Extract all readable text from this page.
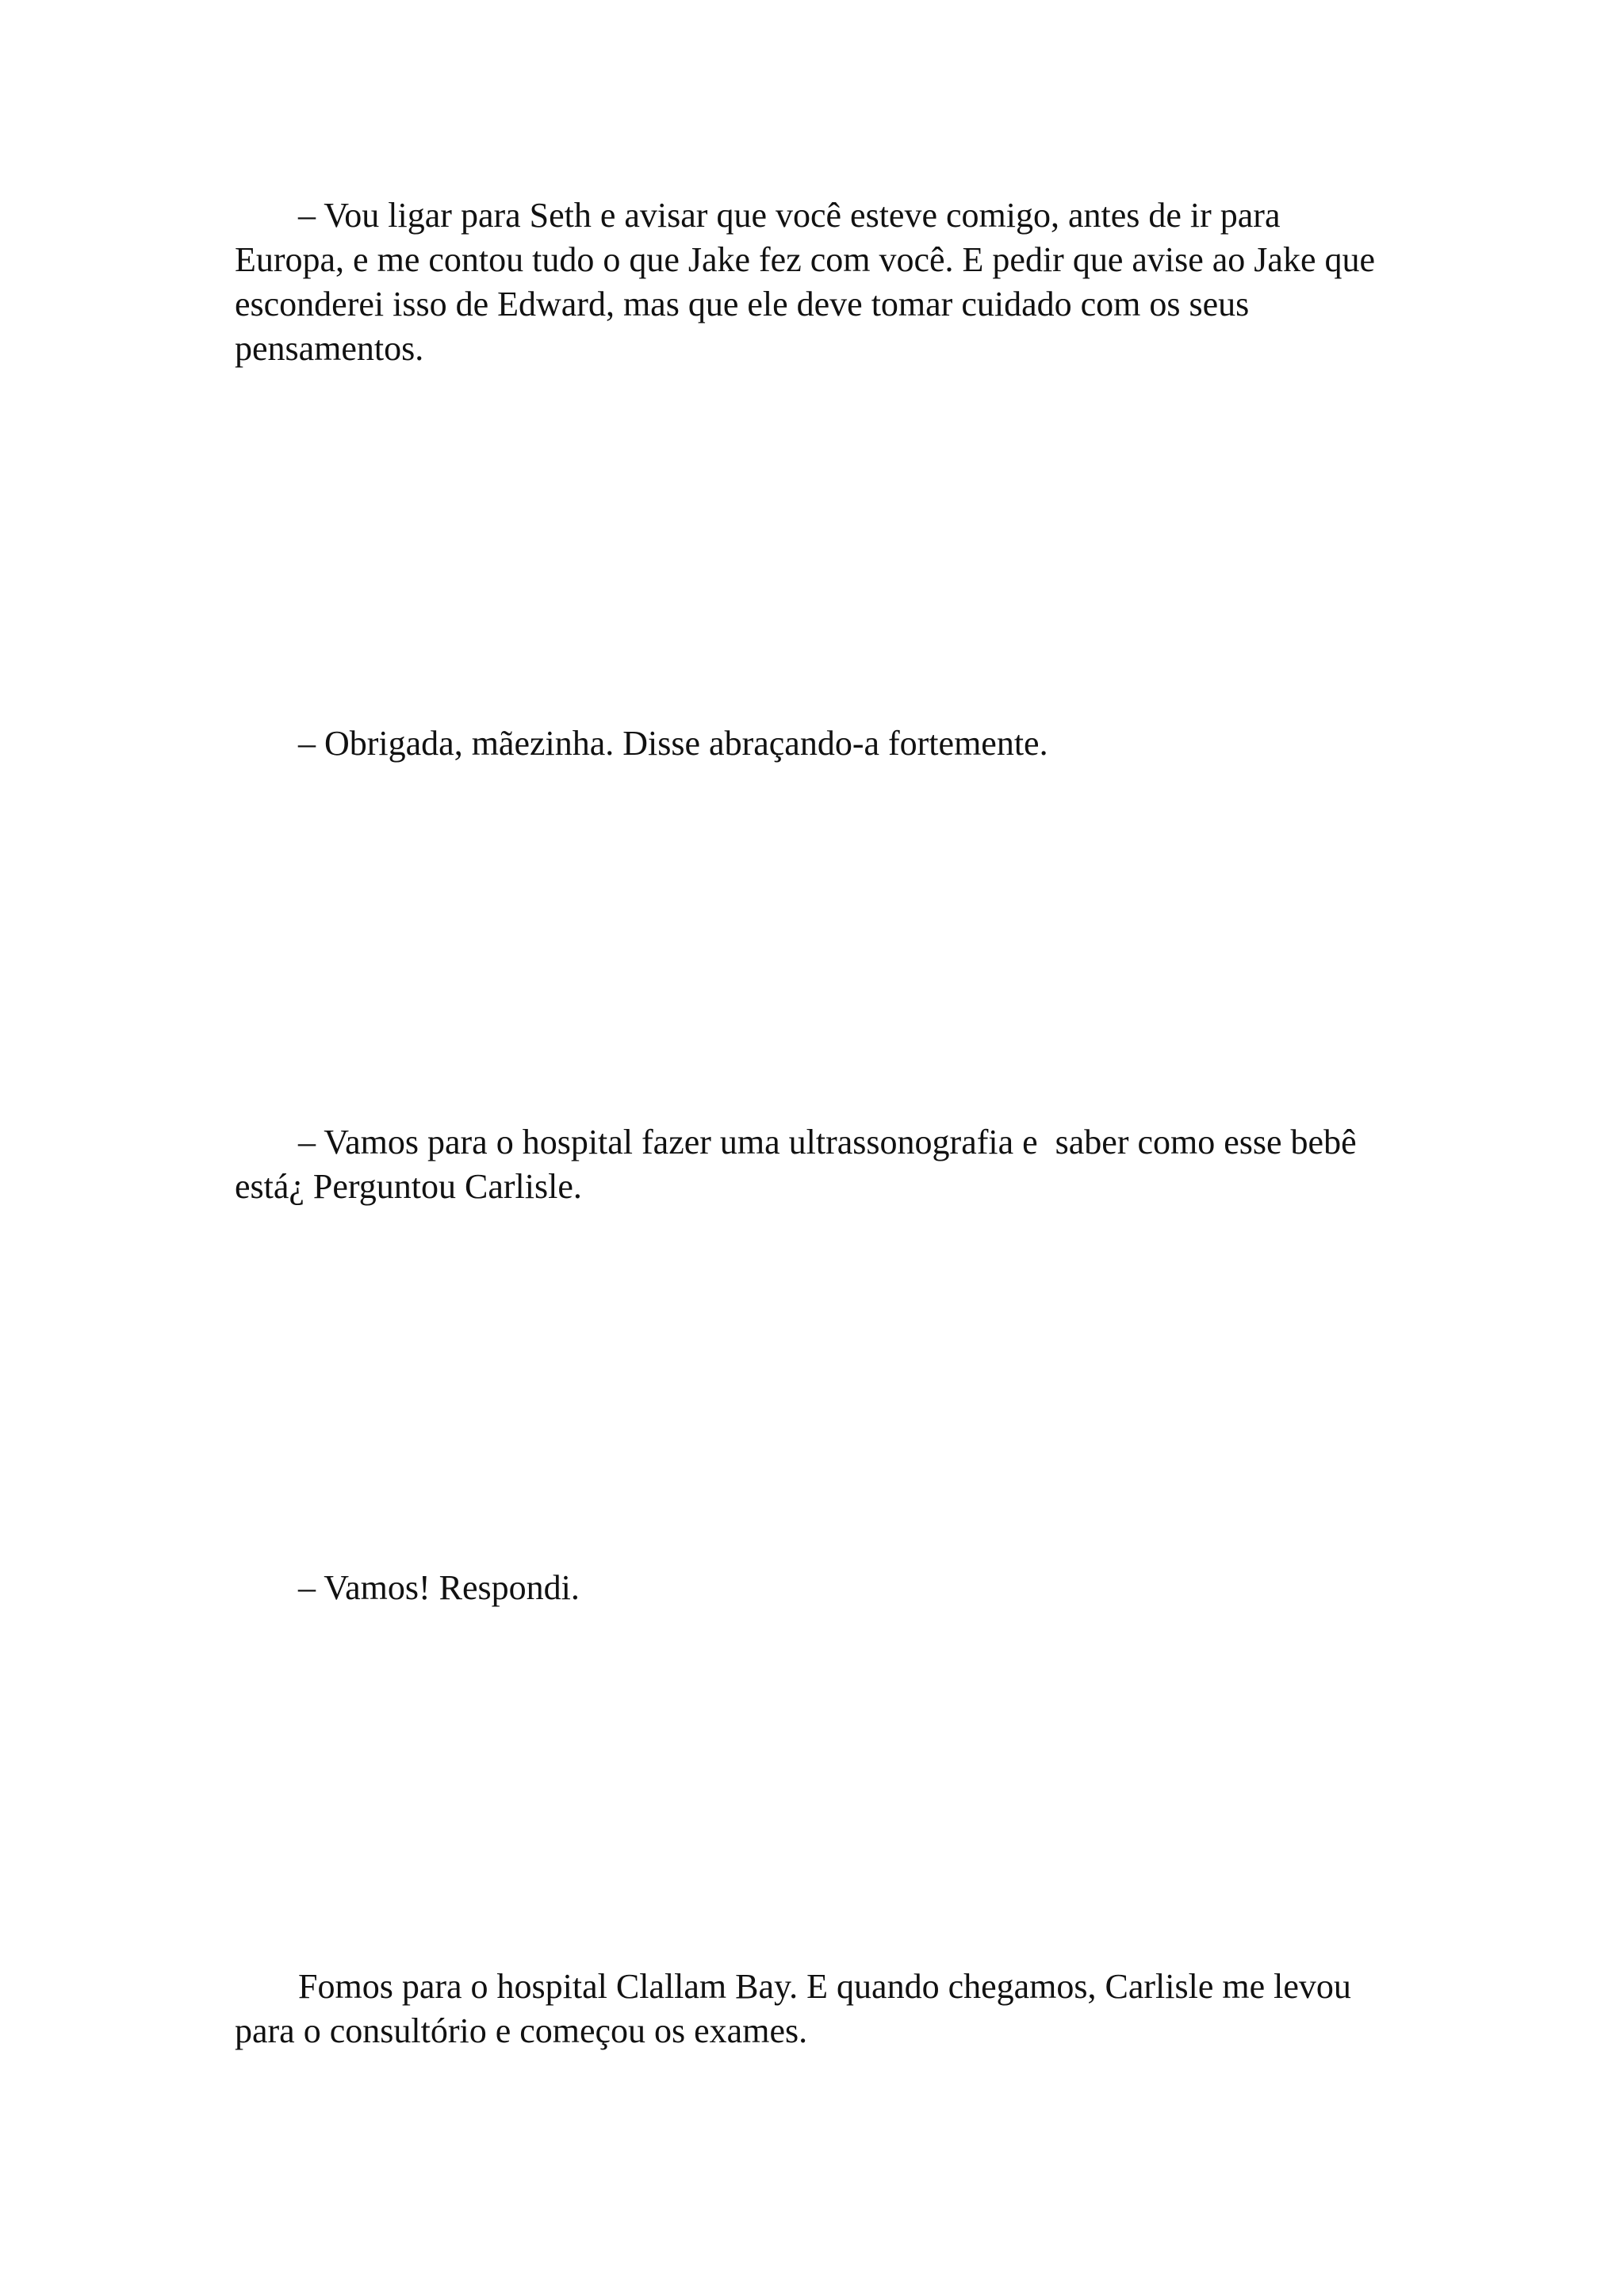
– Vou ligar para Seth e avisar que você esteve comigo, antes de ir para Europa, e me contou tudo o que Jake fez com você. E pedir que avise ao Jake que esconderei isso de Edward, mas que ele deve tomar cuidado com os seus pensamentos.

– Obrigada, mãezinha. Disse abraçando-a fortemente.

– Vamos para o hospital fazer uma ultrassonografia e  saber como esse bebê está¿ Perguntou Carlisle.

– Vamos! Respondi.

Fomos para o hospital Clallam Bay. E quando chegamos, Carlisle me levou para o consultório e começou os exames.
